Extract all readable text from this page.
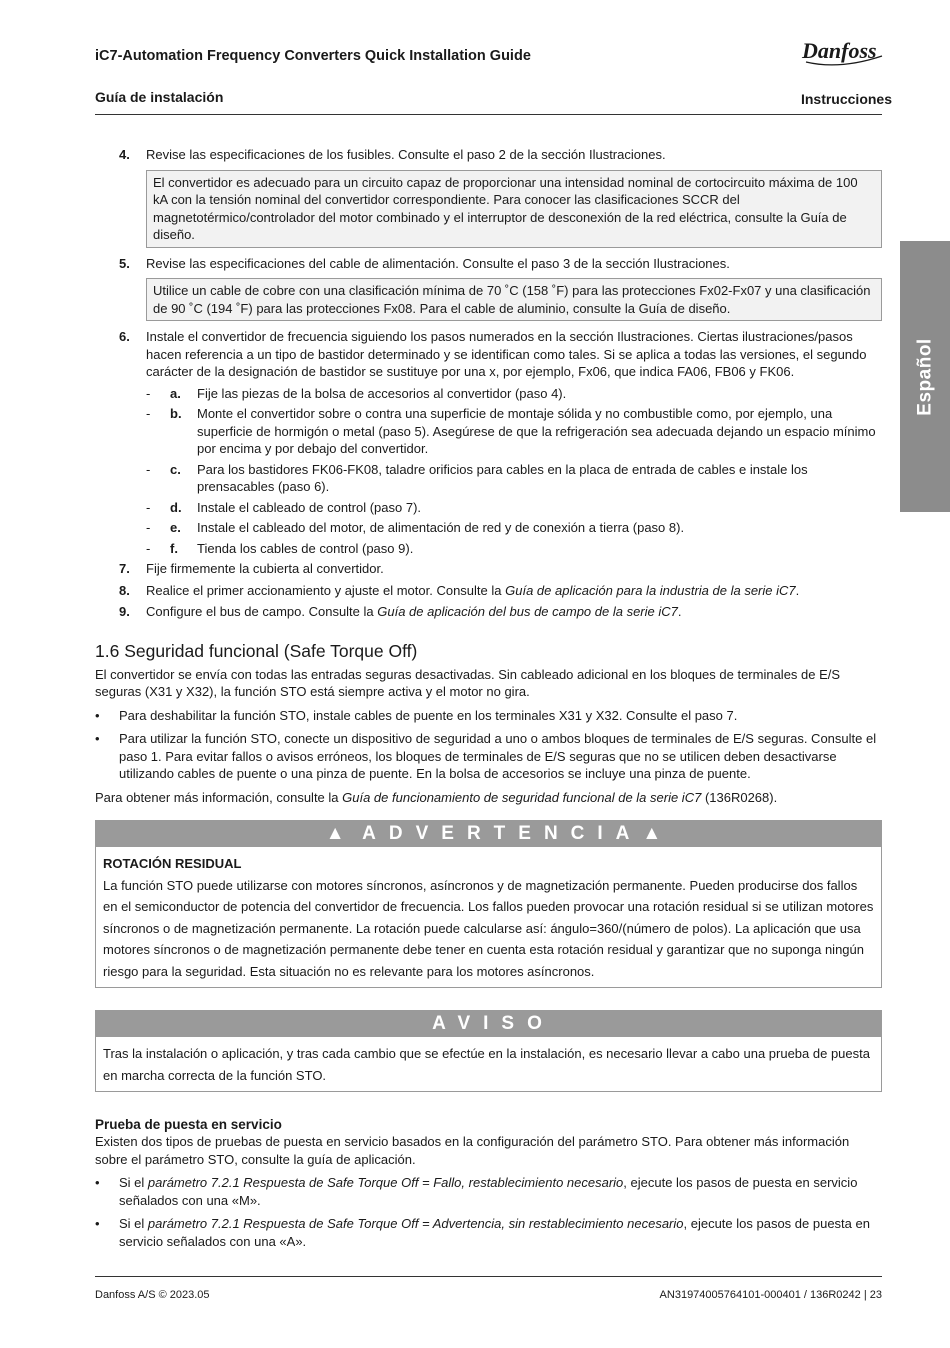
iC7-Automation Frequency Converters Quick Installation Guide
Guía de instalación	Instrucciones
Danfoss
Español
4. Revise las especificaciones de los fusibles. Consulte el paso 2 de la sección Ilustraciones.
El convertidor es adecuado para un circuito capaz de proporcionar una intensidad nominal de cortocircuito máxima de 100 kA con la tensión nominal del convertidor correspondiente. Para conocer las clasificaciones SCCR del magnetotérmico/controlador del motor combinado y el interruptor de desconexión de la red eléctrica, consulte la Guía de diseño.
5. Revise las especificaciones del cable de alimentación. Consulte el paso 3 de la sección Ilustraciones.
Utilice un cable de cobre con una clasificación mínima de 70 ˚C (158 ˚F) para las protecciones Fx02-Fx07 y una clasificación de 90 ˚C (194 ˚F) para las protecciones Fx08. Para el cable de aluminio, consulte la Guía de diseño.
6. Instale el convertidor de frecuencia siguiendo los pasos numerados en la sección Ilustraciones. Ciertas ilustraciones/pasos hacen referencia a un tipo de bastidor determinado y se identifican como tales. Si se aplica a todas las versiones, el segundo carácter de la designación de bastidor se sustituye por una x, por ejemplo, Fx06, que indica FA06, FB06 y FK06.
- a. Fije las piezas de la bolsa de accesorios al convertidor (paso 4).
- b. Monte el convertidor sobre o contra una superficie de montaje sólida y no combustible como, por ejemplo, una superficie de hormigón o metal (paso 5). Asegúrese de que la refrigeración sea adecuada dejando un espacio mínimo por encima y por debajo del convertidor.
- c. Para los bastidores FK06-FK08, taladre orificios para cables en la placa de entrada de cables e instale los prensacables (paso 6).
- d. Instale el cableado de control (paso 7).
- e. Instale el cableado del motor, de alimentación de red y de conexión a tierra (paso 8).
- f. Tienda los cables de control (paso 9).
7. Fije firmemente la cubierta al convertidor.
8. Realice el primer accionamiento y ajuste el motor. Consulte la Guía de aplicación para la industria de la serie iC7.
9. Configure el bus de campo. Consulte la Guía de aplicación del bus de campo de la serie iC7.
1.6 Seguridad funcional (Safe Torque Off)

El convertidor se envía con todas las entradas seguras desactivadas. Sin cableado adicional en los bloques de terminales de E/S seguras (X31 y X32), la función STO está siempre activa y el motor no gira.

• Para deshabilitar la función STO, instale cables de puente en los terminales X31 y X32. Consulte el paso 7.
• Para utilizar la función STO, conecte un dispositivo de seguridad a uno o ambos bloques de terminales de E/S seguras. Consulte el paso 1. Para evitar fallos o avisos erróneos, los bloques de terminales de E/S seguras que no se utilicen deben desactivarse utilizando cables de puente o una pinza de puente. En la bolsa de accesorios se incluye una pinza de puente.

Para obtener más información, consulte la Guía de funcionamiento de seguridad funcional de la serie iC7 (136R0268).

▲ ADVERTENCIA▲
ROTACIÓN RESIDUAL
La función STO puede utilizarse con motores síncronos, asíncronos y de magnetización permanente. Pueden producirse dos fallos en el semiconductor de potencia del convertidor de frecuencia. Los fallos pueden provocar una rotación residual si se utilizan motores síncronos o de magnetización permanente. La rotación puede calcularse así: ángulo=360/(número de polos). La aplicación que usa motores síncronos o de magnetización permanente debe tener en cuenta esta rotación residual y garantizar que no suponga ningún riesgo para la seguridad. Esta situación no es relevante para los motores asíncronos.
AVISO
Tras la instalación o aplicación, y tras cada cambio que se efectúe en la instalación, es necesario llevar a cabo una prueba de puesta en marcha correcta de la función STO.
Prueba de puesta en servicio

Existen dos tipos de pruebas de puesta en servicio basados en la configuración del parámetro STO. Para obtener más información sobre el parámetro STO, consulte la guía de aplicación.

• Si el parámetro 7.2.1 Respuesta de Safe Torque Off = Fallo, restablecimiento necesario, ejecute los pasos de puesta en servicio señalados con una «M».
• Si el parámetro 7.2.1 Respuesta de Safe Torque Off = Advertencia, sin restablecimiento necesario, ejecute los pasos de puesta en servicio señalados con una «A».
Danfoss A/S © 2023.05	AN31974005764101-000401 / 136R0242 | 23
